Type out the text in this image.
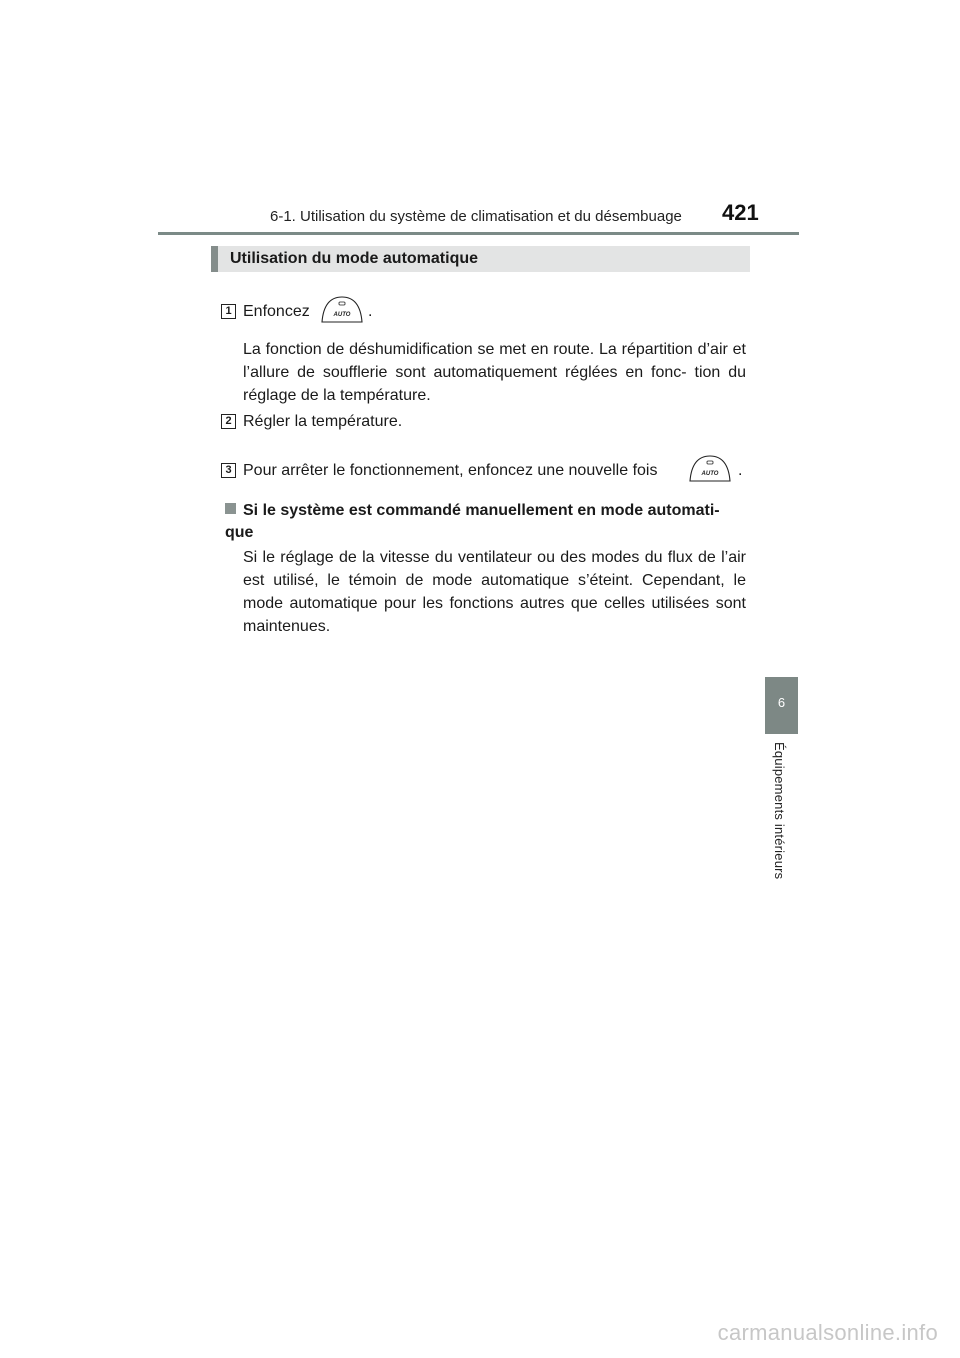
6-1. Utilisation du système de climatisation et du désembuage 421
Utilisation du mode automatique
1 Enfoncez	AUTO .
La fonction de déshumidification se met en route. La répartition d’air et l’allure de soufflerie sont automatiquement réglées en fonc- tion du réglage de la température.
2 Régler la température.
3 Pour arrêter le fonctionnement, enfoncez une nouvelle fois	AUTO .
Si le système est commandé manuellement en mode automati- que
Si le réglage de la vitesse du ventilateur ou des modes du flux de l’air est utilisé, le témoin de mode automatique s’éteint. Cependant, le mode automatique pour les fonctions autres que celles utilisées sont maintenues.
6
Équipements intérieurs
carmanualsonline.info
